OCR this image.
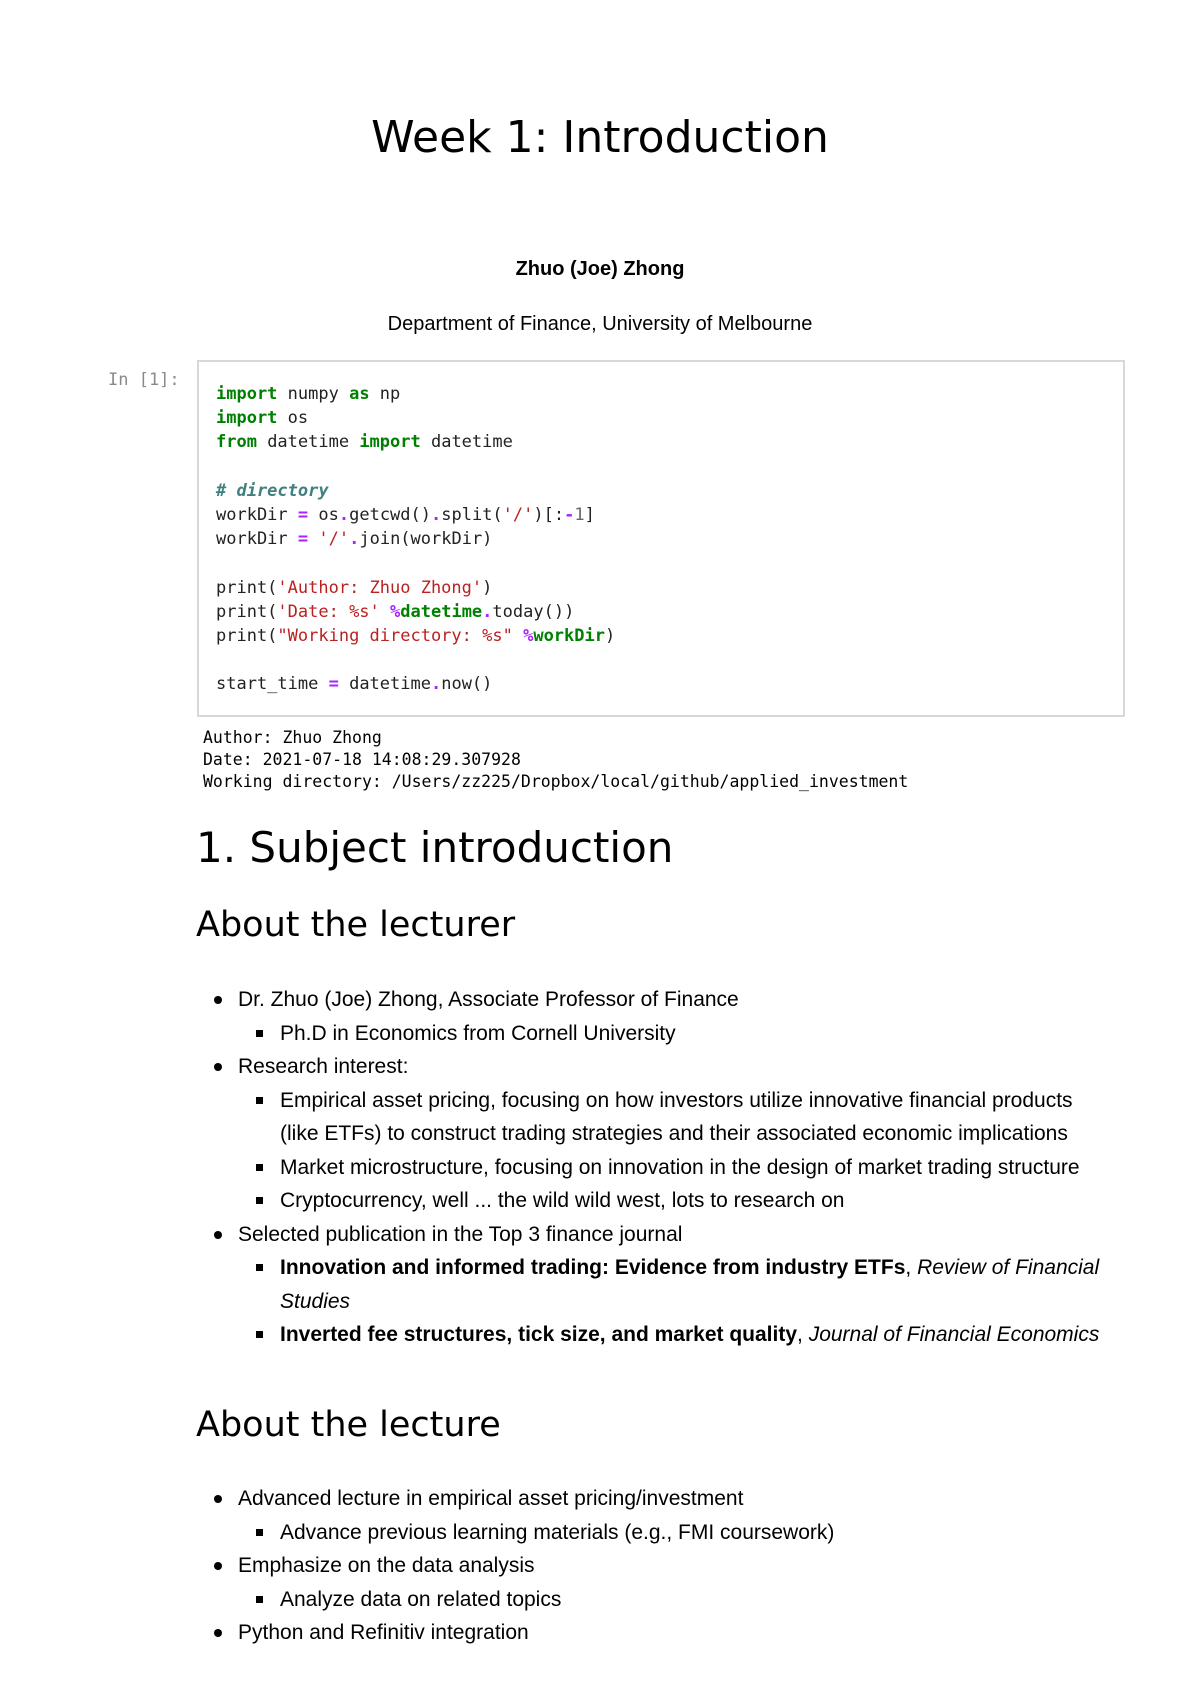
Week 1: Introduction
Zhuo (Joe) Zhong
Department of Finance, University of Melbourne
In [1]:
import numpy as np
import os
from datetime import datetime

# directory
workDir = os.getcwd().split('/')[:-1]
workDir = '/'.join(workDir)

print('Author: Zhuo Zhong')
print('Date: %s' %datetime.today())
print("Working directory: %s" %workDir)

start_time = datetime.now()
Author: Zhuo Zhong
Date: 2021-07-18 14:08:29.307928
Working directory: /Users/zz225/Dropbox/local/github/applied_investment
1. Subject introduction
About the lecturer
Dr. Zhuo (Joe) Zhong, Associate Professor of Finance
Ph.D in Economics from Cornell University
Research interest:
Empirical asset pricing, focusing on how investors utilize innovative financial products (like ETFs) to construct trading strategies and their associated economic implications
Market microstructure, focusing on innovation in the design of market trading structure
Cryptocurrency, well ... the wild wild west, lots to research on
Selected publication in the Top 3 finance journal
Innovation and informed trading: Evidence from industry ETFs, Review of Financial Studies
Inverted fee structures, tick size, and market quality, Journal of Financial Economics
About the lecture
Advanced lecture in empirical asset pricing/investment
Advance previous learning materials (e.g., FMI coursework)
Emphasize on the data analysis
Analyze data on related topics
Python and Refinitiv integration
